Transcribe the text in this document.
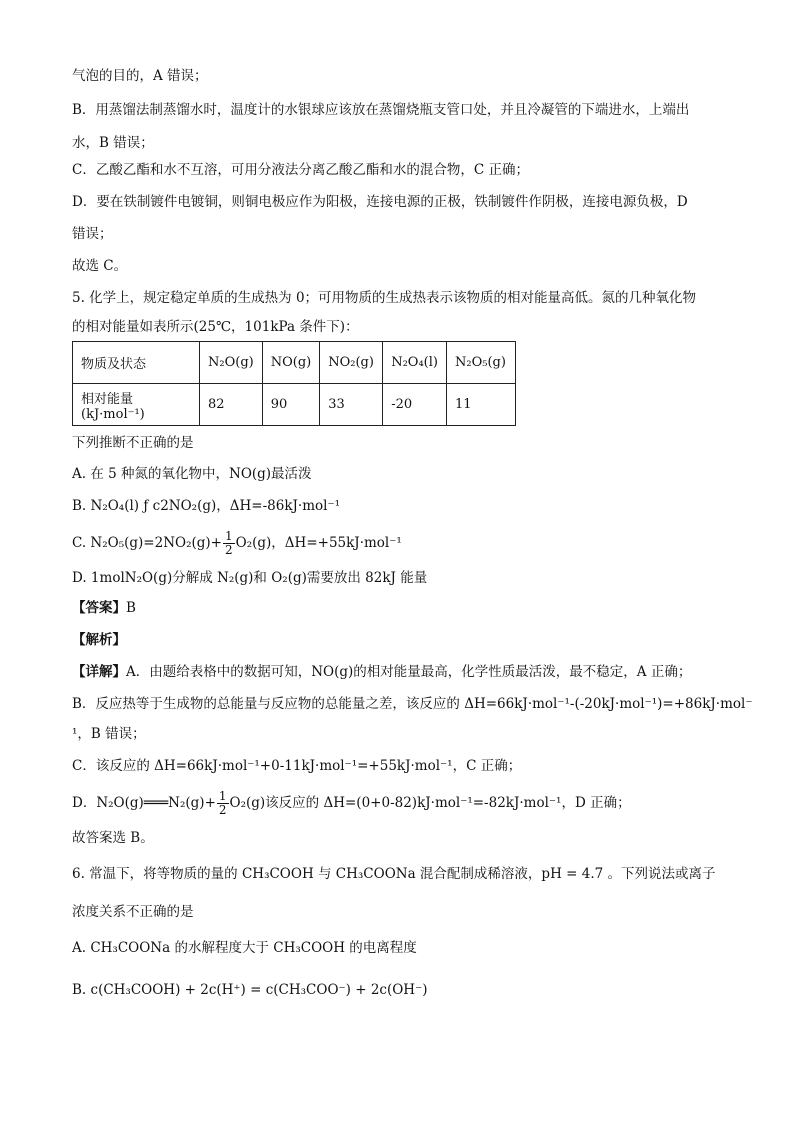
气泡的目的，A 错误；
B．用蒸馏法制蒸馏水时，温度计的水银球应该放在蒸馏烧瓶支管口处，并且冷凝管的下端进水，上端出
水，B 错误；
C．乙酸乙酯和水不互溶，可用分液法分离乙酸乙酯和水的混合物，C 正确；
D．要在铁制镀件电镀铜，则铜电极应作为阳极，连接电源的正极，铁制镀件作阴极，连接电源负极，D
错误；
故选 C。
5. 化学上，规定稳定单质的生成热为 0；可用物质的生成热表示该物质的相对能量高低。氮的几种氧化物
的相对能量如表所示(25℃，101kPa 条件下)：
物质及状态	N₂O(g)	NO(g)	NO₂(g)	N₂O₄(l)	N₂O₅(g)
相对能量 (kJ·mol⁻¹)	82	90	33	-20	11
下列推断不正确的是
A. 在 5 种氮的氧化物中，NO(g)最活泼
B. N₂O₄(l) ƒ c2NO₂(g)，ΔH=-86kJ·mol⁻¹
C. $N_2O_5(g)=2NO_2(g)+ \frac{1}{2} O_2(g)$，ΔH=+55kJ·mol⁻¹
D. 1molN₂O(g)分解成 N₂(g)和 O₂(g)需要放出 82kJ 能量
【答案】B
【解析】
【详解】A．由题给表格中的数据可知，NO(g)的相对能量最高，化学性质最活泼，最不稳定，A 正确；
B．反应热等于生成物的总能量与反应物的总能量之差，该反应的 ΔH=66kJ·mol⁻¹-(-20kJ·mol⁻¹)=+86kJ·mol⁻
¹，B 错误；
C．该反应的 ΔH=66kJ·mol⁻¹+0-11kJ·mol⁻¹=+55kJ·mol⁻¹，C 正确；
D．N₂O(g)═══N₂(g)+ $\frac{1}{2} O_2(g)$该反应的 ΔH=(0+0-82)kJ·mol⁻¹=-82kJ·mol⁻¹，D 正确；
故答案选 B。
6. 常温下，将等物质的量的 CH₃COOH 与 CH₃COONa 混合配制成稀溶液，pH = 4.7 。下列说法或离子
浓度关系不正确的是
A. CH₃COONa 的水解程度大于 CH₃COOH 的电离程度
B. c(CH₃COOH) + 2c(H⁺) = c(CH₃COO⁻) + 2c(OH⁻)
